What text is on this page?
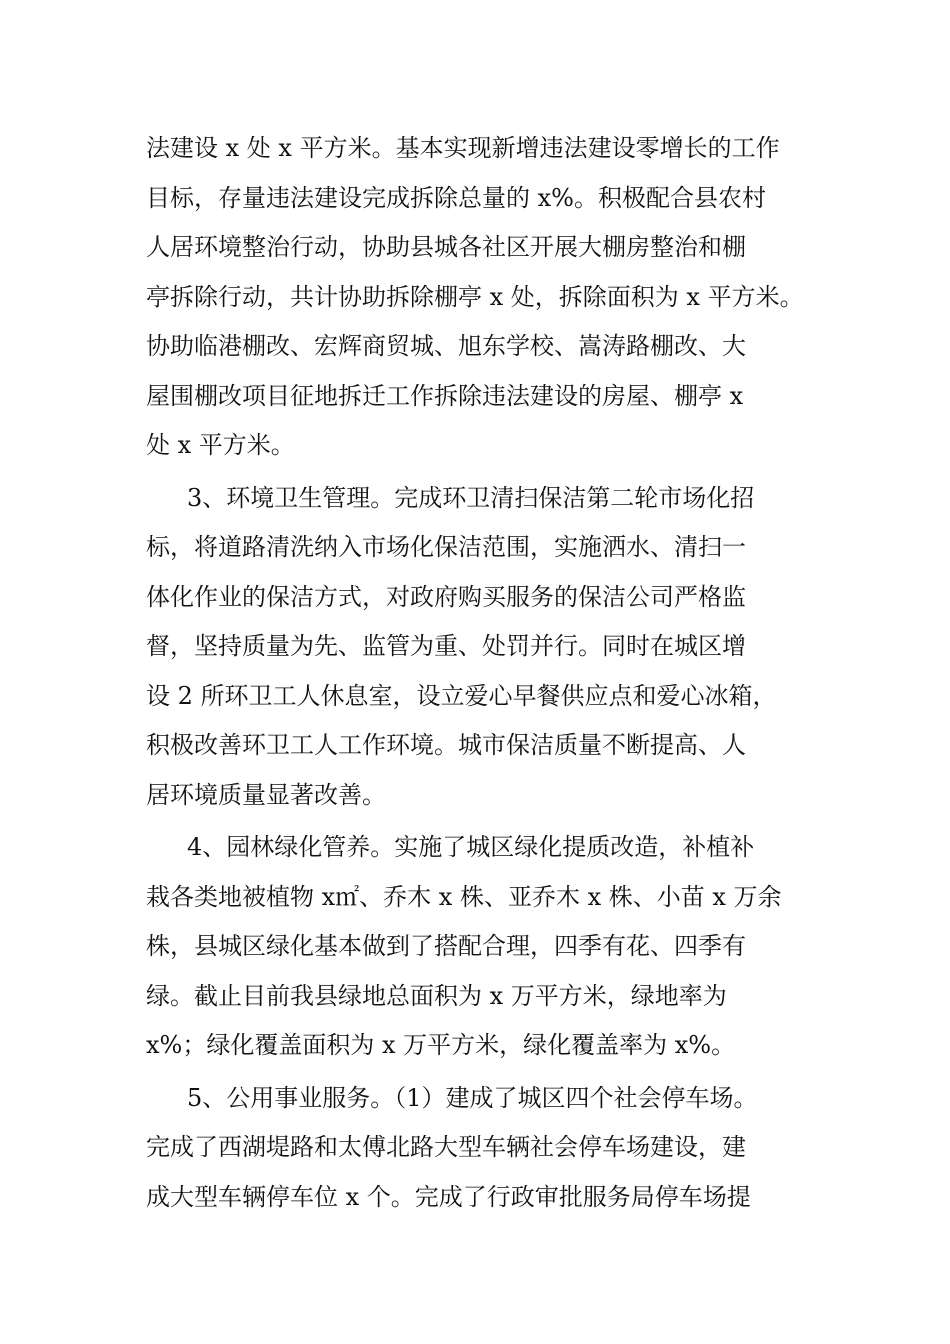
法建设 x 处 x 平方米。基本实现新增违法建设零增长的工作
目标，存量违法建设完成拆除总量的 x%。积极配合县农村
人居环境整治行动，协助县城各社区开展大棚房整治和棚
亭拆除行动，共计协助拆除棚亭 x 处，拆除面积为 x 平方米。
协助临港棚改、宏辉商贸城、旭东学校、嵩涛路棚改、大
屋围棚改项目征地拆迁工作拆除违法建设的房屋、棚亭 x
处 x 平方米。
3、环境卫生管理。完成环卫清扫保洁第二轮市场化招
标，将道路清洗纳入市场化保洁范围，实施洒水、清扫一
体化作业的保洁方式，对政府购买服务的保洁公司严格监
督，坚持质量为先、监管为重、处罚并行。同时在城区增
设 2 所环卫工人休息室，设立爱心早餐供应点和爱心冰箱，
积极改善环卫工人工作环境。城市保洁质量不断提高、人
居环境质量显著改善。
4、园林绿化管养。实施了城区绿化提质改造，补植补
栽各类地被植物 x㎡、乔木 x 株、亚乔木 x 株、小苗 x 万余
株，县城区绿化基本做到了搭配合理，四季有花、四季有
绿。截止目前我县绿地总面积为 x 万平方米，绿地率为
x%；绿化覆盖面积为 x 万平方米，绿化覆盖率为 x%。
5、公用事业服务。（1）建成了城区四个社会停车场。
完成了西湖堤路和太傅北路大型车辆社会停车场建设，建
成大型车辆停车位 x 个。完成了行政审批服务局停车场提
